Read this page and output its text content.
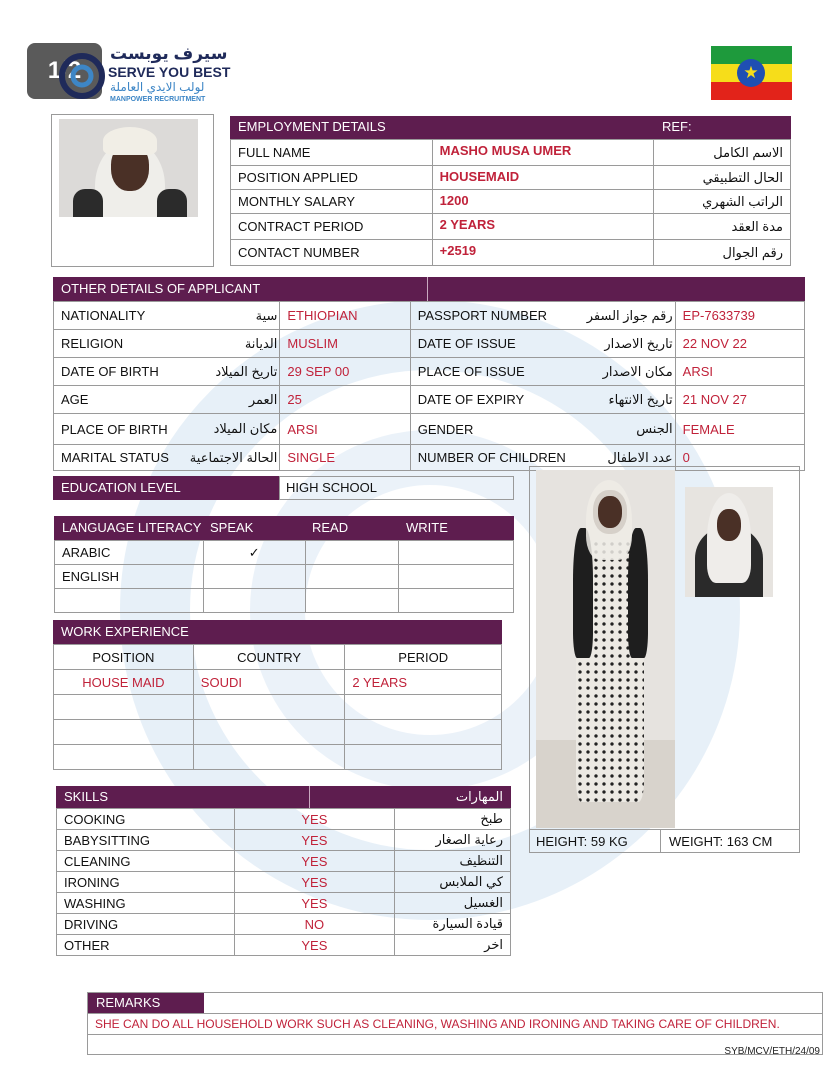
1/2
سيرف يوبست
SERVE YOU BEST
لولب الايدي العاملة
MANPOWER RECRUITMENT
★
EMPLOYMENT DETAILS	REF:
FULL NAME	MASHO MUSA UMER	الاسم الكامل
POSITION APPLIED	HOUSEMAID	الحال التطبيقي
MONTHLY SALARY	1200	الراتب الشهري
CONTRACT PERIOD	2 YEARS	مدة العقد
CONTACT NUMBER	+2519	رقم الجوال
OTHER DETAILS OF APPLICANT
NATIONALITY	سية	ETHIOPIAN	PASSPORT NUMBER	رقم جواز السفر	EP-7633739
RELIGION	الديانة	MUSLIM	DATE OF ISSUE	تاريخ الاصدار	22 NOV 22
DATE OF BIRTH	تاريخ الميلاد	29 SEP 00	PLACE OF ISSUE	مكان الاصدار	ARSI
AGE	العمر	25	DATE OF EXPIRY	تاريخ الانتهاء	21 NOV 27
PLACE OF BIRTH	مكان الميلاد	ARSI	GENDER	الجنس	FEMALE
MARITAL STATUS	الحالة الاجتماعية	SINGLE	NUMBER OF CHILDREN	عدد الاطفال	0
EDUCATION LEVEL	HIGH SCHOOL
LANGUAGE LITERACY SPEAK	READ	WRITE
ARABIC	✓		
ENGLISH			

WORK EXPERIENCE
POSITION	COUNTRY	PERIOD
HOUSE MAID	SOUDI	2 YEARS

SKILLS	المهارات
COOKING	YES	طبخ
BABYSITTING	YES	رعاية الصغار
CLEANING	YES	التنظيف
IRONING	YES	كي الملابس
WASHING	YES	الغسيل
DRIVING	NO	قيادة السيارة
OTHER	YES	اخر
HEIGHT: 59 KG	WEIGHT: 163 CM
REMARKS
SHE CAN DO ALL HOUSEHOLD WORK SUCH AS CLEANING, WASHING AND IRONING AND TAKING CARE OF CHILDREN.
SYB/MCV/ETH/24/09
